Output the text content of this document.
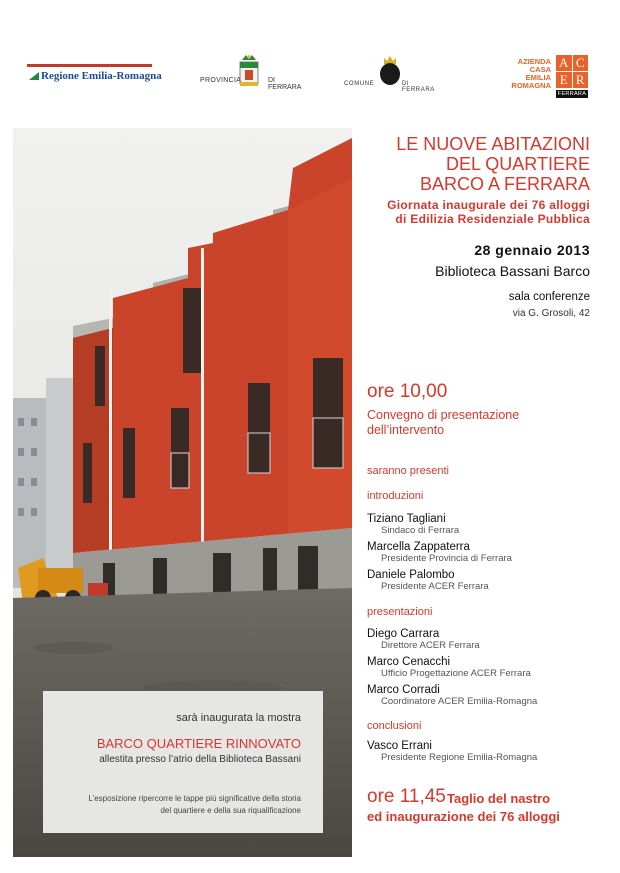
Regione Emilia-Romagna	PROVINCIA	DI FERRARA	COMUNE	DI FERRARA
AZIENDA
CASA
EMILIA
ROMAGNA
A C
E R
FERRARA
sarà inaugurata la mostra
BARCO QUARTIERE RINNOVATO
allestita presso l’atrio della Biblioteca Bassani
L’esposizione ripercorre le tappe più significative della storia
del quartiere e della sua riqualificazione
LE NUOVE ABITAZIONI
DEL QUARTIERE
BARCO A FERRARA
Giornata inaugurale dei 76 alloggi
di Edilizia Residenziale Pubblica
28 gennaio 2013
Biblioteca Bassani Barco
sala conferenze
via G. Grosoli, 42
ore 10,00
Convegno di presentazione
dell’intervento
saranno presenti
introduzioni
Tiziano Tagliani
Sindaco di Ferrara
Marcella Zappaterra
Presidente Provincia di Ferrara
Daniele Palombo
Presidente ACER Ferrara
presentazioni
Diego Carrara
Direttore ACER Ferrara
Marco Cenacchi
Ufficio Progettazione ACER Ferrara
Marco Corradi
Coordinatore ACER Emilia-Romagna
conclusioni
Vasco Errani
Presidente Regione Emilia-Romagna
ore 11,45 Taglio del nastro
ed inaugurazione dei 76 alloggi
